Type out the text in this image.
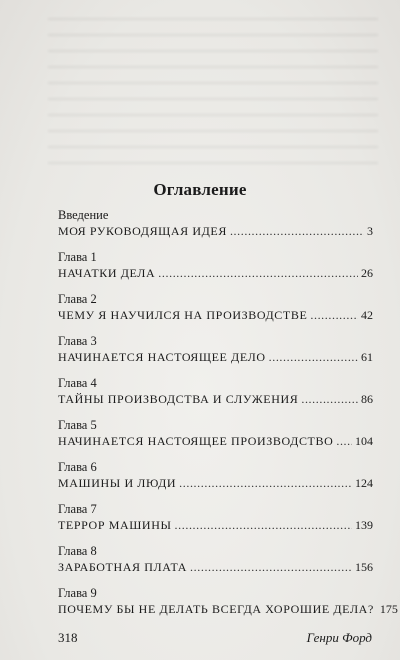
Оглавление
Введение
МОЯ РУКОВОДЯЩАЯ ИДЕЯ . . .	3
Глава 1
НАЧАТКИ ДЕЛА . . .	26
Глава 2
ЧЕМУ Я НАУЧИЛСЯ НА ПРОИЗВОДСТВЕ . . .	42
Глава 3
НАЧИНАЕТСЯ НАСТОЯЩЕЕ ДЕЛО . . .	61
Глава 4
ТАЙНЫ ПРОИЗВОДСТВА И СЛУЖЕНИЯ . . .	86
Глава 5
НАЧИНАЕТСЯ НАСТОЯЩЕЕ ПРОИЗВОДСТВО . . . 104
Глава 6
МАШИНЫ И ЛЮДИ . . .	124
Глава 7
ТЕРРОР МАШИНЫ . . .	139
Глава 8
ЗАРАБОТНАЯ ПЛАТА . . .	156
Глава 9
ПОЧЕМУ БЫ НЕ ДЕЛАТЬ ВСЕГДА ХОРОШИЕ ДЕЛА? 175
318	Генри Форд
